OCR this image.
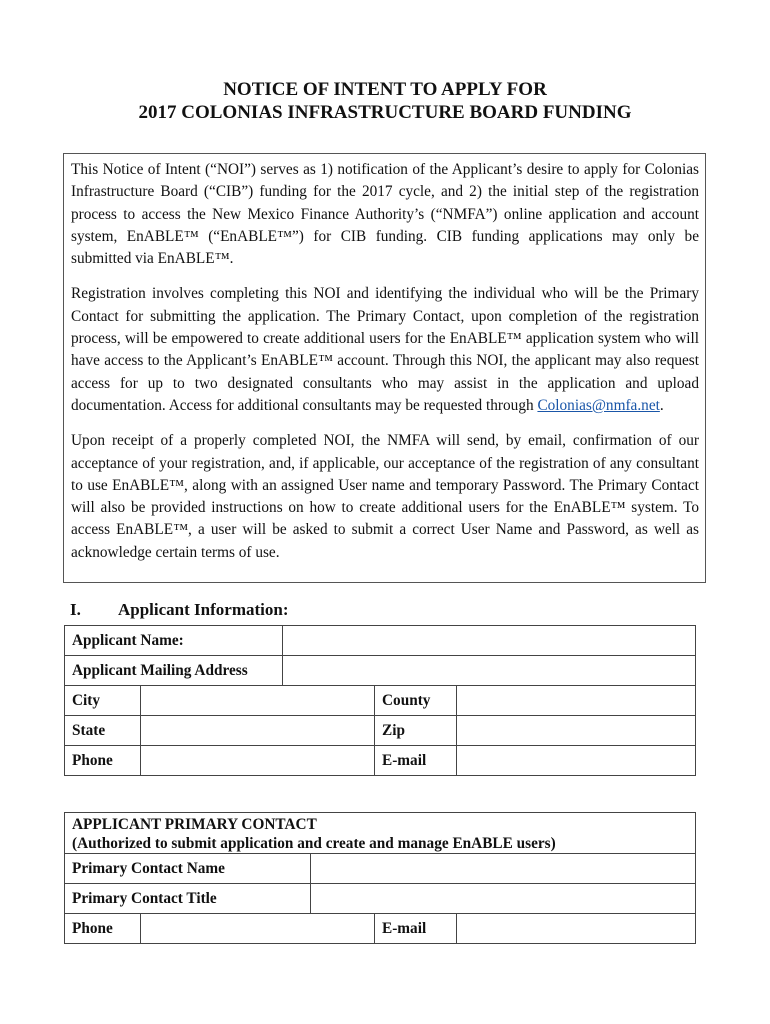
NOTICE OF INTENT TO APPLY FOR
2017 COLONIAS INFRASTRUCTURE BOARD FUNDING

This Notice of Intent (“NOI”) serves as 1) notification of the Applicant’s desire to apply for Colonias Infrastructure Board (“CIB”) funding for the 2017 cycle, and 2) the initial step of the registration process to access the New Mexico Finance Authority’s (“NMFA”) online application and account system, EnABLE™ (“EnABLE™”) for CIB funding. CIB funding applications may only be submitted via EnABLE™.

Registration involves completing this NOI and identifying the individual who will be the Primary Contact for submitting the application. The Primary Contact, upon completion of the registration process, will be empowered to create additional users for the EnABLE™ application system who will have access to the Applicant’s EnABLE™ account. Through this NOI, the applicant may also request access for up to two designated consultants who may assist in the application and upload documentation. Access for additional consultants may be requested through Colonias@nmfa.net.

Upon receipt of a properly completed NOI, the NMFA will send, by email, confirmation of our acceptance of your registration, and, if applicable, our acceptance of the registration of any consultant to use EnABLE™, along with an assigned User name and temporary Password. The Primary Contact will also be provided instructions on how to create additional users for the EnABLE™ system. To access EnABLE™, a user will be asked to submit a correct User Name and Password, as well as acknowledge certain terms of use.

I. Applicant Information:
Applicant Name:				
Applicant Mailing Address				
City			County	
State			Zip	
Phone			E-mail	
APPLICANT PRIMARY CONTACT
(Authorized to submit application and create and manage EnABLE users)				

Primary Contact Name				
Primary Contact Title				
Phone			E-mail	
